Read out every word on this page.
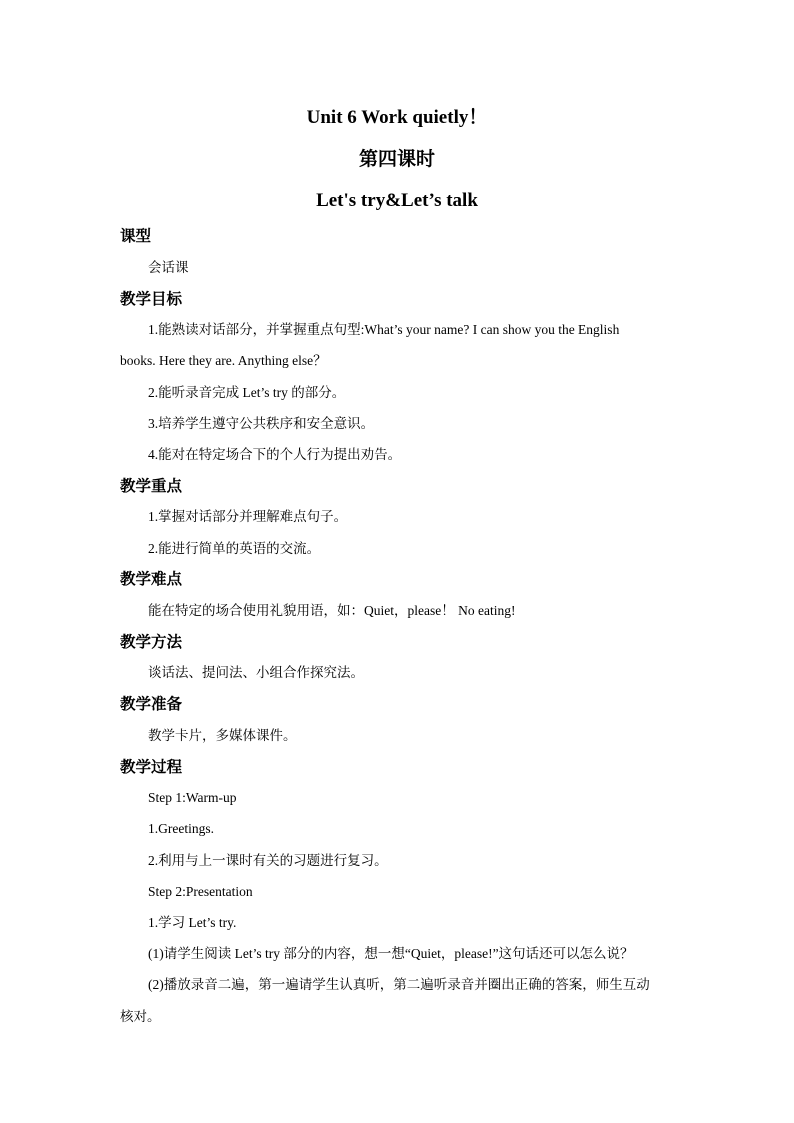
Unit 6 Work quietly！
第四课时
Let's try&Let’s talk
课型
会话课
教学目标
1.能熟读对话部分，并掌握重点句型:What’s your name? I can show you the English
books. Here they are. Anything else？
2.能听录音完成 Let’s try 的部分。
3.培养学生遵守公共秩序和安全意识。
4.能对在特定场合下的个人行为提出劝告。
教学重点
1.掌握对话部分并理解难点句子。
2.能进行简单的英语的交流。
教学难点
能在特定的场合使用礼貌用语，如：Quiet，please！ No eating!
教学方法
谈话法、提问法、小组合作探究法。
教学准备
教学卡片，多媒体课件。
教学过程
Step 1:Warm-up
1.Greetings.
2.利用与上一课时有关的习题进行复习。
Step 2:Presentation
1.学习 Let’s try.
(1)请学生阅读 Let’s try 部分的内容，想一想“Quiet，please!”这句话还可以怎么说？
(2)播放录音二遍，第一遍请学生认真听，第二遍听录音并圈出正确的答案，师生互动
核对。
